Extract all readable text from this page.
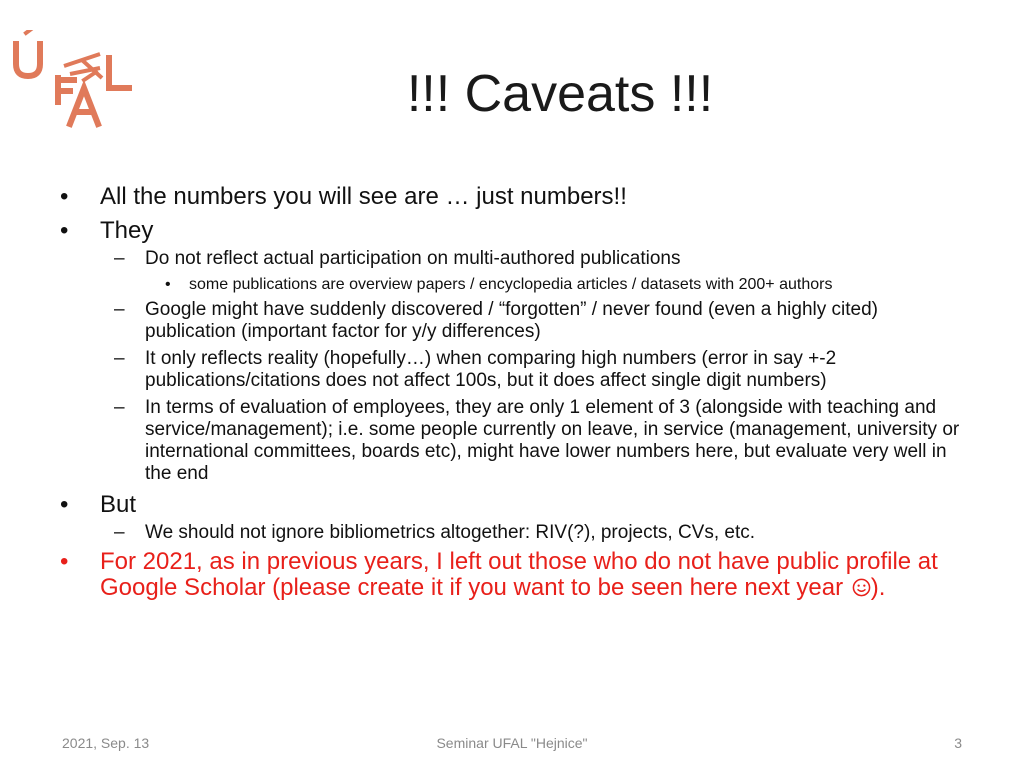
!!! Caveats !!!
• All the numbers you will see are … just numbers!!
• They
– Do not reflect actual participation on multi-authored publications
• some publications are overview papers / encyclopedia articles / datasets with 200+ authors
– Google might have suddenly discovered / “forgotten” / never found (even a highly cited) publication (important factor for y/y differences)
– It only reflects reality (hopefully…) when comparing high numbers (error in say +-2 publications/citations does not affect 100s, but it does affect single digit numbers)
– In terms of evaluation of employees, they are only 1 element of 3 (alongside with teaching and service/management); i.e. some people currently on leave, in service (management, university or international committees, boards etc), might have lower numbers here, but evaluate very well in the end
• But
– We should not ignore bibliometrics altogether: RIV(?), projects, CVs, etc.
• For 2021, as in previous years, I left out those who do not have public profile at Google Scholar (please create it if you want to be seen here next year ).
2021, Sep. 13	Seminar UFAL "Hejnice"	3
